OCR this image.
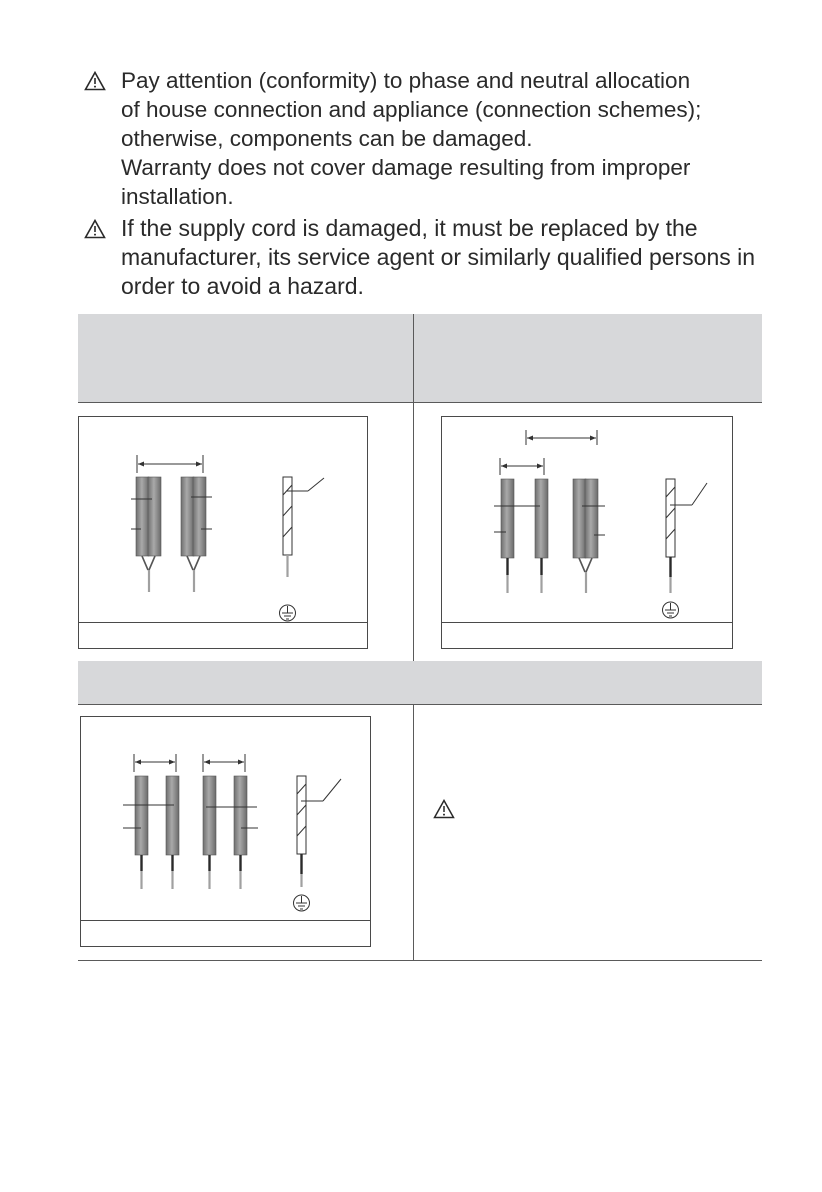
Pay attention (conformity) to phase and neutral allocation
of house connection and appliance (connection schemes);
otherwise, components can be damaged.
Warranty does not cover damage resulting from improper
installation.
If the supply cord is damaged, it must be replaced by the
manufacturer, its service agent or similarly qualified persons in
order to avoid a hazard.
